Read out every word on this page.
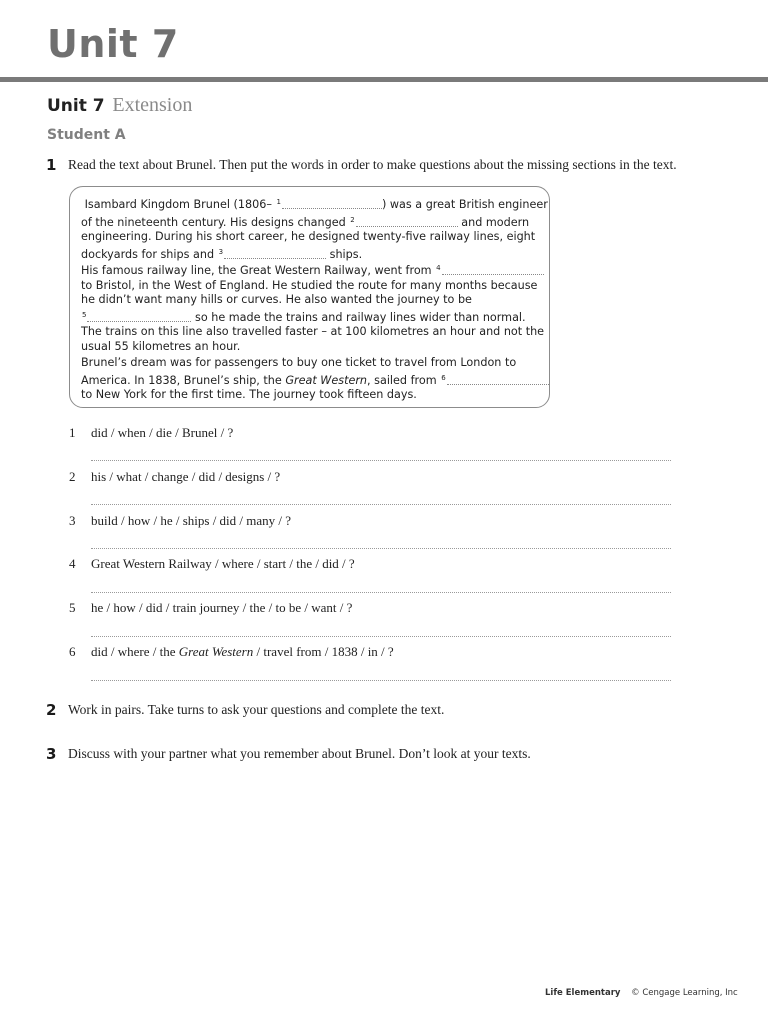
Unit 7
Unit 7 Extension
Student A
1 Read the text about Brunel. Then put the words in order to make questions about the missing sections in the text.

Isambard Kingdom Brunel (1806– $^1$	) was a great British engineer

of the nineteenth century. His designs changed $^2$	and modern

engineering. During his short career, he designed twenty-five railway lines, eight

dockyards for ships and $^3$	ships.

His famous railway line, the Great Western Railway, went from $^4$

to Bristol, in the West of England. He studied the route for many months because

he didn’t want many hills or curves. He also wanted the journey to be

$^5$	so he made the trains and railway lines wider than normal.

The trains on this line also travelled faster – at 100 kilometres an hour and not the

usual 55 kilometres an hour.

Brunel’s dream was for passengers to buy one ticket to travel from London to

America. In 1838, Brunel’s ship, the Great Western, sailed from $^6$

to New York for the first time. The journey took fifteen days.

1 did / when / die / Brunel / ?
2 his / what / change / did / designs / ?
3 build / how / he / ships / did / many / ?
4 Great Western Railway / where / start / the / did / ?
5 he / how / did / train journey / the / to be / want / ?
6 did / where / the Great Western / travel from / 1838 / in / ?
2 Work in pairs. Take turns to ask your questions and complete the text.
3 Discuss with your partner what you remember about Brunel. Don’t look at your texts.
Life Elementary © Cengage Learning, Inc
